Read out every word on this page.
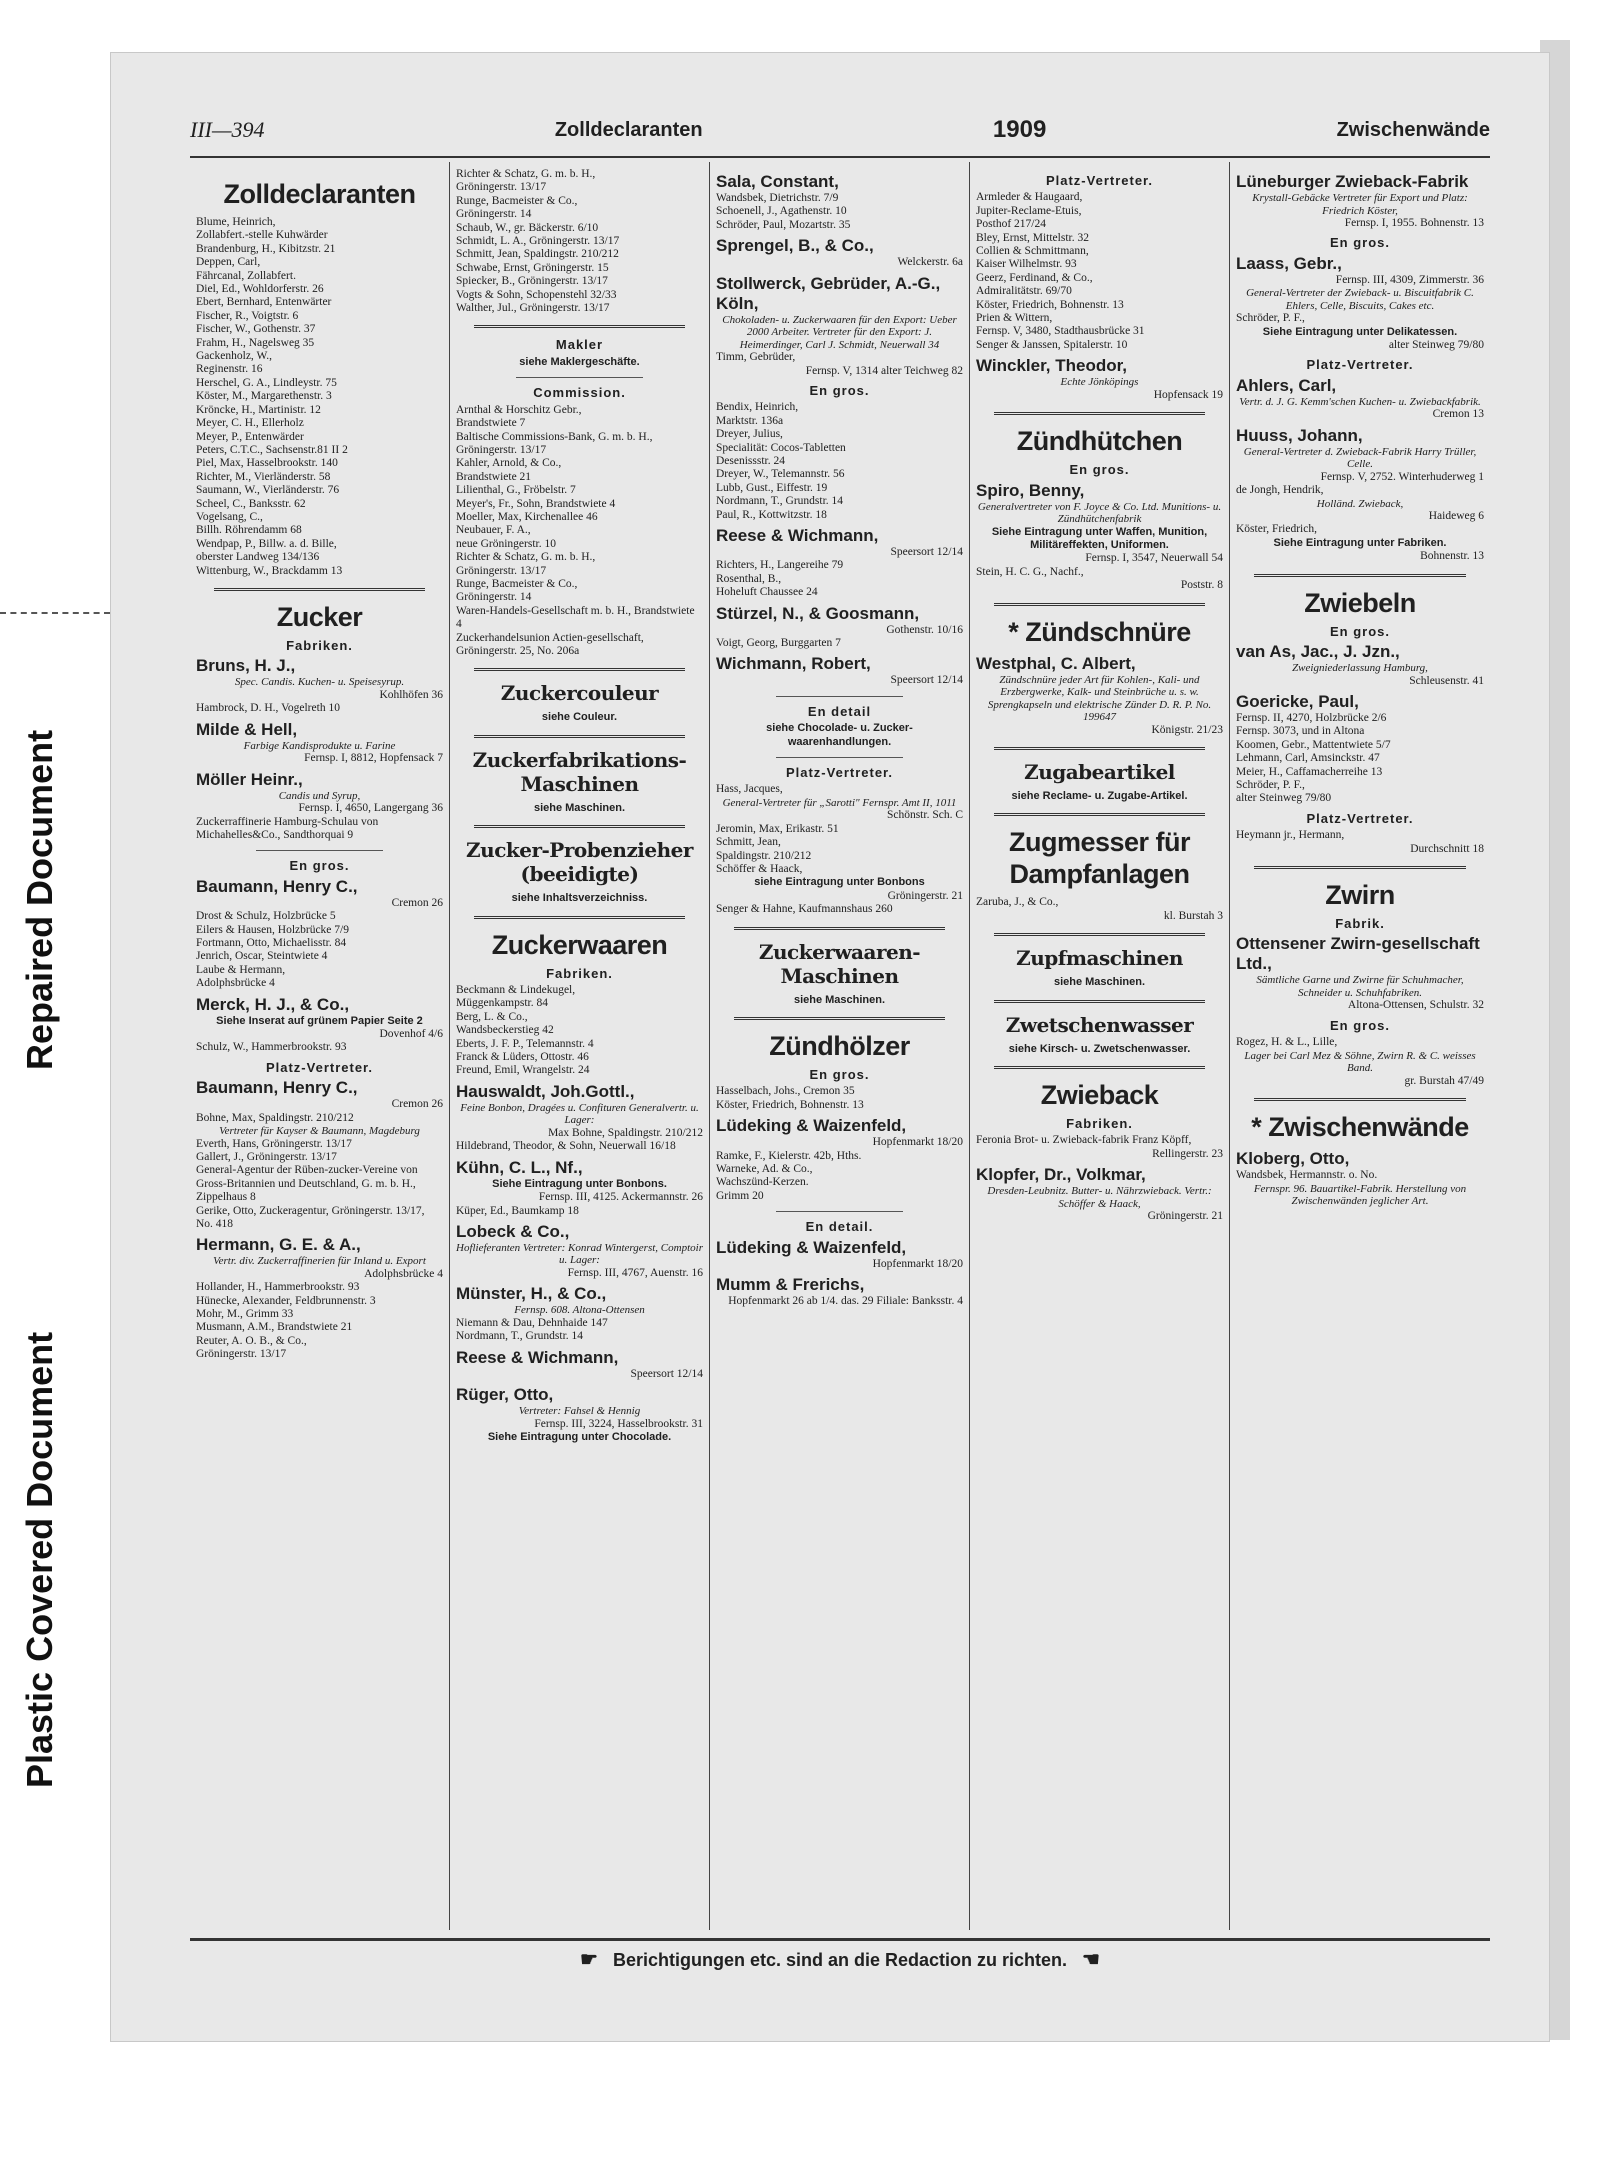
Repaired Document
Plastic Covered Document
III—394	Zolldeclaranten	1909	Zwischenwände
Zolldeclaranten
Blume, Heinrich,
Zollabfert.-stelle Kuhwärder
Brandenburg, H., Kibitzstr. 21
Deppen, Carl,
Fährcanal, Zollabfert.
Diel, Ed., Wohldorferstr. 26
Ebert, Bernhard, Entenwärter
Fischer, R., Voigtstr. 6
Fischer, W., Gothenstr. 37
Frahm, H., Nagelsweg 35
Gackenholz, W.,
Reginenstr. 16
Herschel, G. A., Lindleystr. 75
Köster, M., Margarethenstr. 3
Kröncke, H., Martinistr. 12
Meyer, C. H., Ellerholz
Meyer, P., Entenwärder
Peters, C.T.C., Sachsenstr.81 II 2
Piel, Max, Hasselbrookstr. 140
Richter, M., Vierländerstr. 58
Saumann, W., Vierländerstr. 76
Scheel, C., Banksstr. 62
Vogelsang, C.,
Billh. Röhrendamm 68
Wendpap, P., Billw. a. d. Bille,
oberster Landweg 134/136
Wittenburg, W., Brackdamm 13
Zucker
Fabriken.
Bruns, H. J.,
Spec. Candis. Kuchen- u. Speisesyrup.
Kohlhöfen 36
Hambrock, D. H., Vogelreth 10
Milde & Hell,
Farbige Kandisprodukte u. Farine
Fernsp. I, 8812, Hopfensack 7
Möller Heinr.,
Candis und Syrup,
Fernsp. I, 4650, Langergang 36
Zuckerraffinerie Hamburg-Schulau von Michahelles&Co., Sandthorquai 9
En gros.
Baumann, Henry C.,
Cremon 26
Drost & Schulz, Holzbrücke 5
Eilers & Hausen, Holzbrücke 7/9
Fortmann, Otto, Michaelisstr. 84
Jenrich, Oscar, Steintwiete 4
Laube & Hermann,
Adolphsbrücke 4
Merck, H. J., & Co.,
Siehe Inserat auf grünem Papier Seite 2
Dovenhof 4/6
Schulz, W., Hammerbrookstr. 93
Platz-Vertreter.
Baumann, Henry C.,
Cremon 26
Bohne, Max, Spaldingstr. 210/212
Vertreter für Kayser & Baumann, Magdeburg
Everth, Hans, Gröningerstr. 13/17
Gallert, J., Gröningerstr. 13/17
General-Agentur der Rüben-zucker-Vereine von Gross-Britannien und Deutschland, G. m. b. H., Zippelhaus 8
Gerike, Otto, Zuckeragentur, Gröningerstr. 13/17, No. 418
Hermann, G. E. & A.,
Vertr. div. Zuckerraffinerien für Inland u. Export
Adolphsbrücke 4
Hollander, H., Hammerbrookstr. 93
Hünecke, Alexander, Feldbrunnenstr. 3
Mohr, M., Grimm 33
Musmann, A.M., Brandstwiete 21
Reuter, A. O. B., & Co.,
Gröningerstr. 13/17
Richter & Schatz, G. m. b. H.,
Gröningerstr. 13/17
Runge, Bacmeister & Co.,
Gröningerstr. 14
Schaub, W., gr. Bäckerstr. 6/10
Schmidt, L. A., Gröningerstr. 13/17
Schmitt, Jean, Spaldingstr. 210/212
Schwabe, Ernst, Gröningerstr. 15
Spiecker, B., Gröningerstr. 13/17
Vogts & Sohn, Schopenstehl 32/33
Walther, Jul., Gröningerstr. 13/17
Makler
siehe Maklergeschäfte.
Commission.
Arnthal & Horschitz Gebr.,
Brandstwiete 7
Baltische Commissions-Bank, G. m. b. H., Gröningerstr. 13/17
Kahler, Arnold, & Co.,
Brandstwiete 21
Lilienthal, G., Fröbelstr. 7
Meyer's, Fr., Sohn, Brandstwiete 4
Moeller, Max, Kirchenallee 46
Neubauer, F. A.,
neue Gröningerstr. 10
Richter & Schatz, G. m. b. H.,
Gröningerstr. 13/17
Runge, Bacmeister & Co.,
Gröningerstr. 14
Waren-Handels-Gesellschaft m. b. H., Brandstwiete 4
Zuckerhandelsunion Actien-gesellschaft,
Gröningerstr. 25, No. 206a
Zuckercouleur
siehe Couleur.
Zuckerfabrikations-Maschinen
siehe Maschinen.
Zucker-Probenzieher (beeidigte)
siehe Inhaltsverzeichniss.
Zuckerwaaren
Fabriken.
Beckmann & Lindekugel,
Müggenkampstr. 84
Berg, L. & Co.,
Wandsbeckerstieg 42
Eberts, J. F. P., Telemannstr. 4
Franck & Lüders, Ottostr. 46
Freund, Emil, Wrangelstr. 24
Hauswaldt, Joh.Gottl.,
Feine Bonbon, Dragées u. Confituren Generalvertr. u. Lager:
Max Bohne, Spaldingstr. 210/212
Hildebrand, Theodor, & Sohn, Neuerwall 16/18
Kühn, C. L., Nf.,
Siehe Eintragung unter Bonbons.
Fernsp. III, 4125. Ackermannstr. 26
Küper, Ed., Baumkamp 18
Lobeck & Co.,
Hoflieferanten Vertreter: Konrad Wintergerst, Comptoir u. Lager:
Fernsp. III, 4767, Auenstr. 16
Münster, H., & Co.,
Fernsp. 608. Altona-Ottensen
Niemann & Dau, Dehnhaide 147
Nordmann, T., Grundstr. 14
Reese & Wichmann,
Speersort 12/14
Rüger, Otto,
Vertreter: Fahsel & Hennig
Fernsp. III, 3224, Hasselbrookstr. 31
Siehe Eintragung unter Chocolade.
Sala, Constant,
Wandsbek, Dietrichstr. 7/9
Schoenell, J., Agathenstr. 10
Schröder, Paul, Mozartstr. 35
Sprengel, B., & Co.,
Welckerstr. 6a
Stollwerck, Gebrüder, A.-G., Köln,
Chokoladen- u. Zuckerwaaren für den Export: Ueber 2000 Arbeiter. Vertreter für den Export: J. Heimerdinger, Carl J. Schmidt, Neuerwall 34
Timm, Gebrüder,
Fernsp. V, 1314 alter Teichweg 82
En gros.
Bendix, Heinrich,
Marktstr. 136a
Dreyer, Julius,
Specialität: Cocos-Tabletten
Desenissstr. 24
Dreyer, W., Telemannstr. 56
Lubb, Gust., Eiffestr. 19
Nordmann, T., Grundstr. 14
Paul, R., Kottwitzstr. 18
Reese & Wichmann,
Speersort 12/14
Richters, H., Langereihe 79
Rosenthal, B.,
Hoheluft Chaussee 24
Stürzel, N., & Goosmann,
Gothenstr. 10/16
Voigt, Georg, Burggarten 7
Wichmann, Robert,
Speersort 12/14
En detail
siehe Chocolade- u. Zucker-waarenhandlungen.
Platz-Vertreter.
Hass, Jacques,
General-Vertreter für „Sarotti" Fernspr. Amt II, 1011
Schönstr. Sch. C
Jeromin, Max, Erikastr. 51
Schmitt, Jean,
Spaldingstr. 210/212
Schöffer & Haack,
siehe Eintragung unter Bonbons
Gröningerstr. 21
Senger & Hahne, Kaufmannshaus 260
Zuckerwaaren-Maschinen
siehe Maschinen.
Zündhölzer
En gros.
Hasselbach, Johs., Cremon 35
Köster, Friedrich, Bohnenstr. 13
Lüdeking & Waizenfeld,
Hopfenmarkt 18/20
Ramke, F., Kielerstr. 42b, Hths.
Warneke, Ad. & Co.,
Wachszünd-Kerzen.
Grimm 20
En detail.
Lüdeking & Waizenfeld,
Hopfenmarkt 18/20
Mumm & Frerichs,
Hopfenmarkt 26 ab 1/4. das. 29 Filiale: Banksstr. 4
Platz-Vertreter.
Armleder & Haugaard,
Jupiter-Reclame-Etuis,
Posthof 217/24
Bley, Ernst, Mittelstr. 32
Collien & Schmittmann,
Kaiser Wilhelmstr. 93
Geerz, Ferdinand, & Co.,
Admiralitätstr. 69/70
Köster, Friedrich, Bohnenstr. 13
Prien & Wittern,
Fernsp. V, 3480, Stadthausbrücke 31
Senger & Janssen, Spitalerstr. 10
Winckler, Theodor,
Echte Jönköpings
Hopfensack 19
Zündhütchen
En gros.
Spiro, Benny,
Generalvertreter von F. Joyce & Co. Ltd. Munitions- u. Zündhütchenfabrik
Siehe Eintragung unter Waffen, Munition, Militäreffekten, Uniformen.
Fernsp. I, 3547, Neuerwall 54
Stein, H. C. G., Nachf.,
Poststr. 8
* Zündschnüre
Westphal, C. Albert,
Zündschnüre jeder Art für Kohlen-, Kali- und Erzbergwerke, Kalk- und Steinbrüche u. s. w. Sprengkapseln und elektrische Zünder D. R. P. No. 199647
Königstr. 21/23
Zugabeartikel
siehe Reclame- u. Zugabe-Artikel.
Zugmesser für Dampfanlagen
Zaruba, J., & Co.,
kl. Burstah 3
Zupfmaschinen
siehe Maschinen.
Zwetschenwasser
siehe Kirsch- u. Zwetschenwasser.
Zwieback
Fabriken.
Feronia Brot- u. Zwieback-fabrik Franz Köpff,
Rellingerstr. 23
Klopfer, Dr., Volkmar,
Dresden-Leubnitz. Butter- u. Nährzwieback. Vertr.: Schöffer & Haack,
Gröningerstr. 21
Lüneburger Zwieback-Fabrik
Krystall-Gebäcke Vertreter für Export und Platz: Friedrich Köster,
Fernsp. I, 1955. Bohnenstr. 13
En gros.
Laass, Gebr.,
Fernsp. III, 4309, Zimmerstr. 36
General-Vertreter der Zwieback- u. Biscuitfabrik C. Ehlers, Celle, Biscuits, Cakes etc.
Schröder, P. F.,
Siehe Eintragung unter Delikatessen.
alter Steinweg 79/80
Platz-Vertreter.
Ahlers, Carl,
Vertr. d. J. G. Kemm'schen Kuchen- u. Zwiebackfabrik.
Cremon 13
Huuss, Johann,
General-Vertreter d. Zwieback-Fabrik Harry Trüller, Celle.
Fernsp. V, 2752. Winterhuderweg 1
de Jongh, Hendrik,
Holländ. Zwieback,
Haideweg 6
Köster, Friedrich,
Siehe Eintragung unter Fabriken.
Bohnenstr. 13
Zwiebeln
En gros.
van As, Jac., J. Jzn.,
Zweigniederlassung Hamburg,
Schleusenstr. 41
Goericke, Paul,
Fernsp. II, 4270, Holzbrücke 2/6
Fernsp. 3073, und in Altona
Koomen, Gebr., Mattentwiete 5/7
Lehmann, Carl, Amsinckstr. 47
Meier, H., Caffamacherreihe 13
Schröder, P. F.,
alter Steinweg 79/80
Platz-Vertreter.
Heymann jr., Hermann,
Durchschnitt 18
Zwirn
Fabrik.
Ottensener Zwirn-gesellschaft Ltd.,
Sämtliche Garne und Zwirne für Schuhmacher, Schneider u. Schuhfabriken.
Altona-Ottensen, Schulstr. 32
En gros.
Rogez, H. & L., Lille,
Lager bei Carl Mez & Söhne, Zwirn R. & C. weisses Band.
gr. Burstah 47/49
* Zwischenwände
Kloberg, Otto,
Wandsbek, Hermannstr. o. No.
Fernspr. 96. Bauartikel-Fabrik. Herstellung von Zwischenwänden jeglicher Art.
☛ Berichtigungen etc. sind an die Redaction zu richten. ☚
